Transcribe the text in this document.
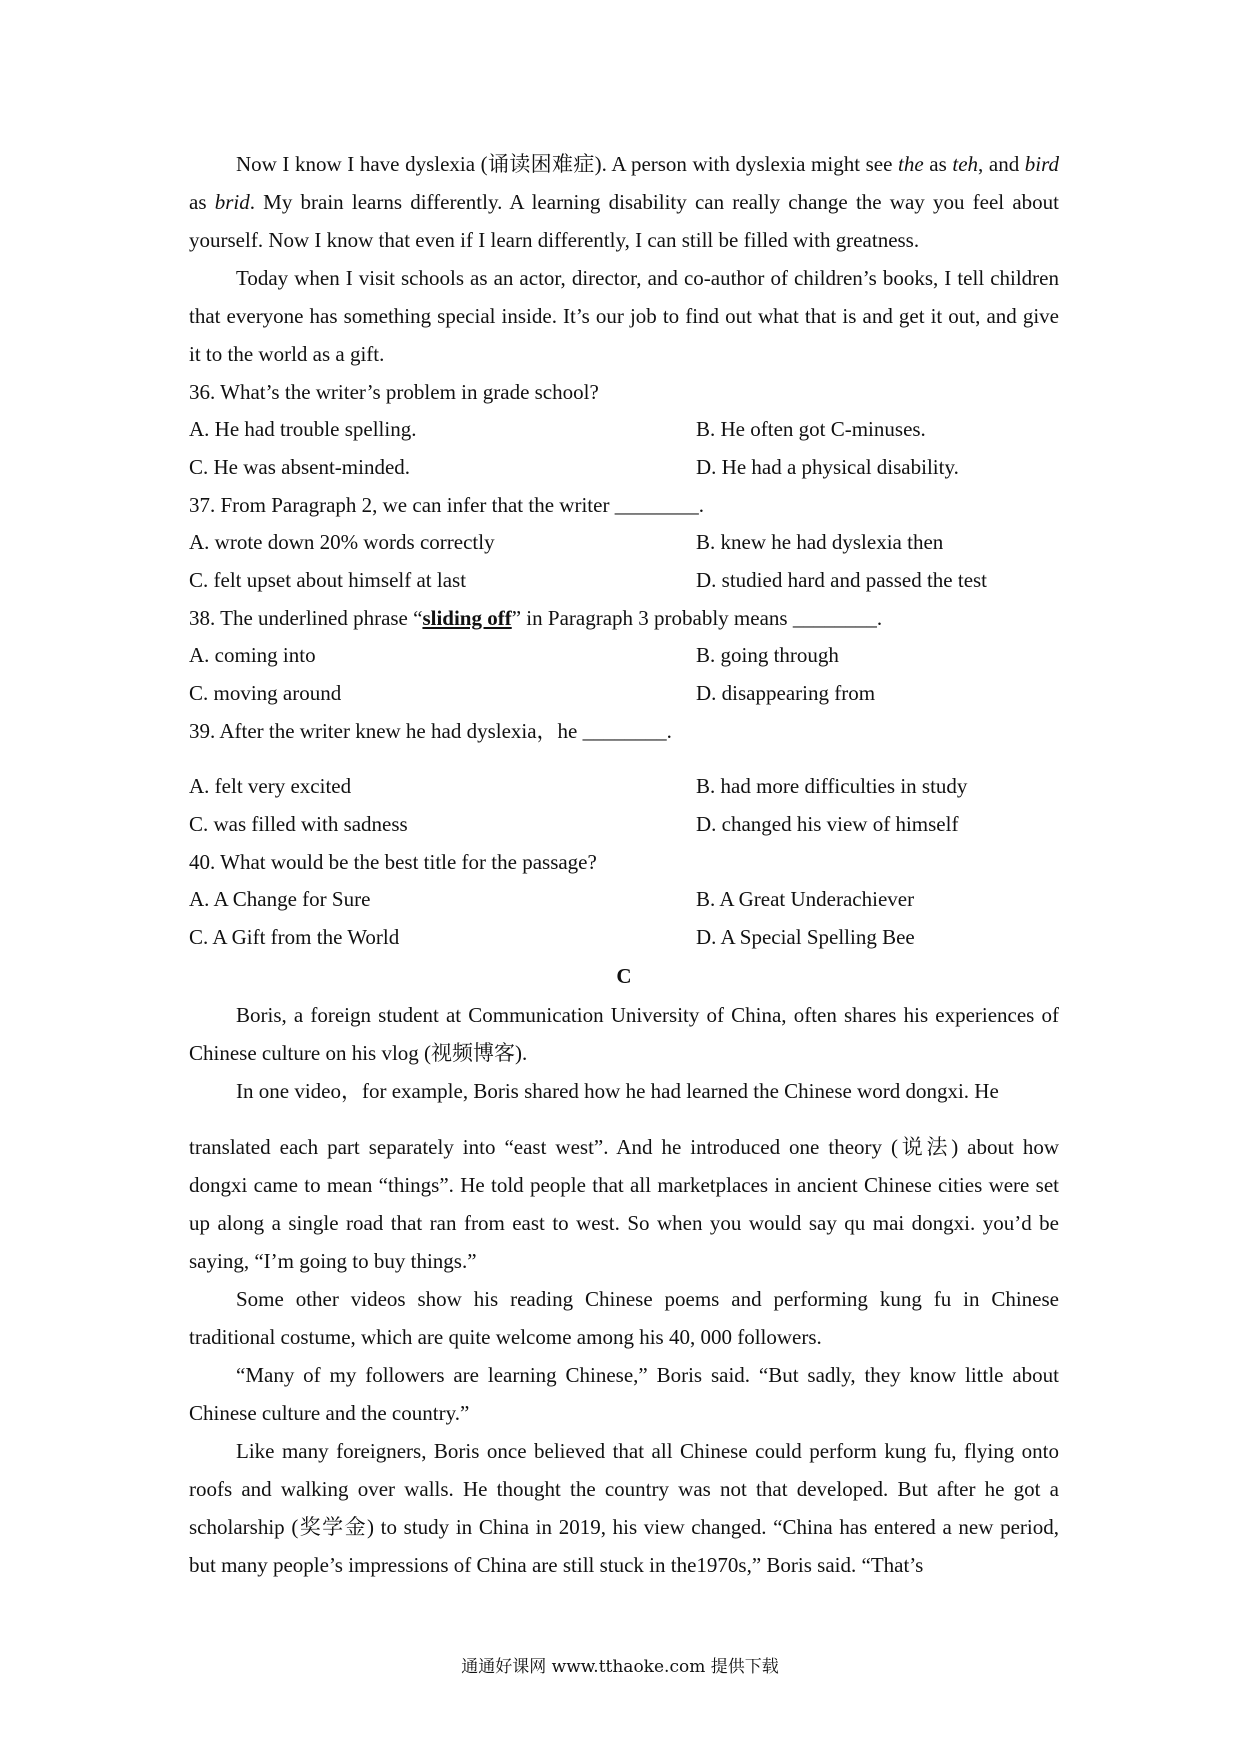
Now I know I have dyslexia (诵读困难症). A person with dyslexia might see the as teh, and bird as brid. My brain learns differently. A learning disability can really change the way you feel about yourself. Now I know that even if I learn differently, I can still be filled with greatness.

Today when I visit schools as an actor, director, and co-author of children’s books, I tell children that everyone has something special inside. It’s our job to find out what that is and get it out, and give it to the world as a gift.

36. What’s the writer’s problem in grade school?

A. He had trouble spelling.	B. He often got C-minuses.
C. He was absent-minded.	D. He had a physical disability.

37. From Paragraph 2, we can infer that the writer ________.

A. wrote down 20% words correctly	B. knew he had dyslexia then
C. felt upset about himself at last	D. studied hard and passed the test

38. The underlined phrase “sliding off” in Paragraph 3 probably means ________.

A. coming into	B. going through
C. moving around	D. disappearing from

39. After the writer knew he had dyslexia，he ________.

A. felt very excited	B. had more difficulties in study
C. was filled with sadness	D. changed his view of himself

40. What would be the best title for the passage?

A. A Change for Sure	B. A Great Underachiever
C. A Gift from the World	D. A Special Spelling Bee

C

Boris, a foreign student at Communication University of China, often shares his experiences of Chinese culture on his vlog (视频博客).

In one video，for example, Boris shared how he had learned the Chinese word dongxi. He

translated each part separately into “east west”. And he introduced one theory (说法) about how dongxi came to mean “things”. He told people that all marketplaces in ancient Chinese cities were set up along a single road that ran from east to west. So when you would say qu mai dongxi. you’d be saying, “I’m going to buy things.”

Some other videos show his reading Chinese poems and performing kung fu in Chinese traditional costume, which are quite welcome among his 40, 000 followers.

“Many of my followers are learning Chinese,” Boris said. “But sadly, they know little about Chinese culture and the country.”

Like many foreigners, Boris once believed that all Chinese could perform kung fu, flying onto roofs and walking over walls. He thought the country was not that developed. But after he got a scholarship (奖学金) to study in China in 2019, his view changed. “China has entered a new period, but many people’s impressions of China are still stuck in the1970s,” Boris said. “That’s

通通好课网 www.tthaoke.com 提供下载
